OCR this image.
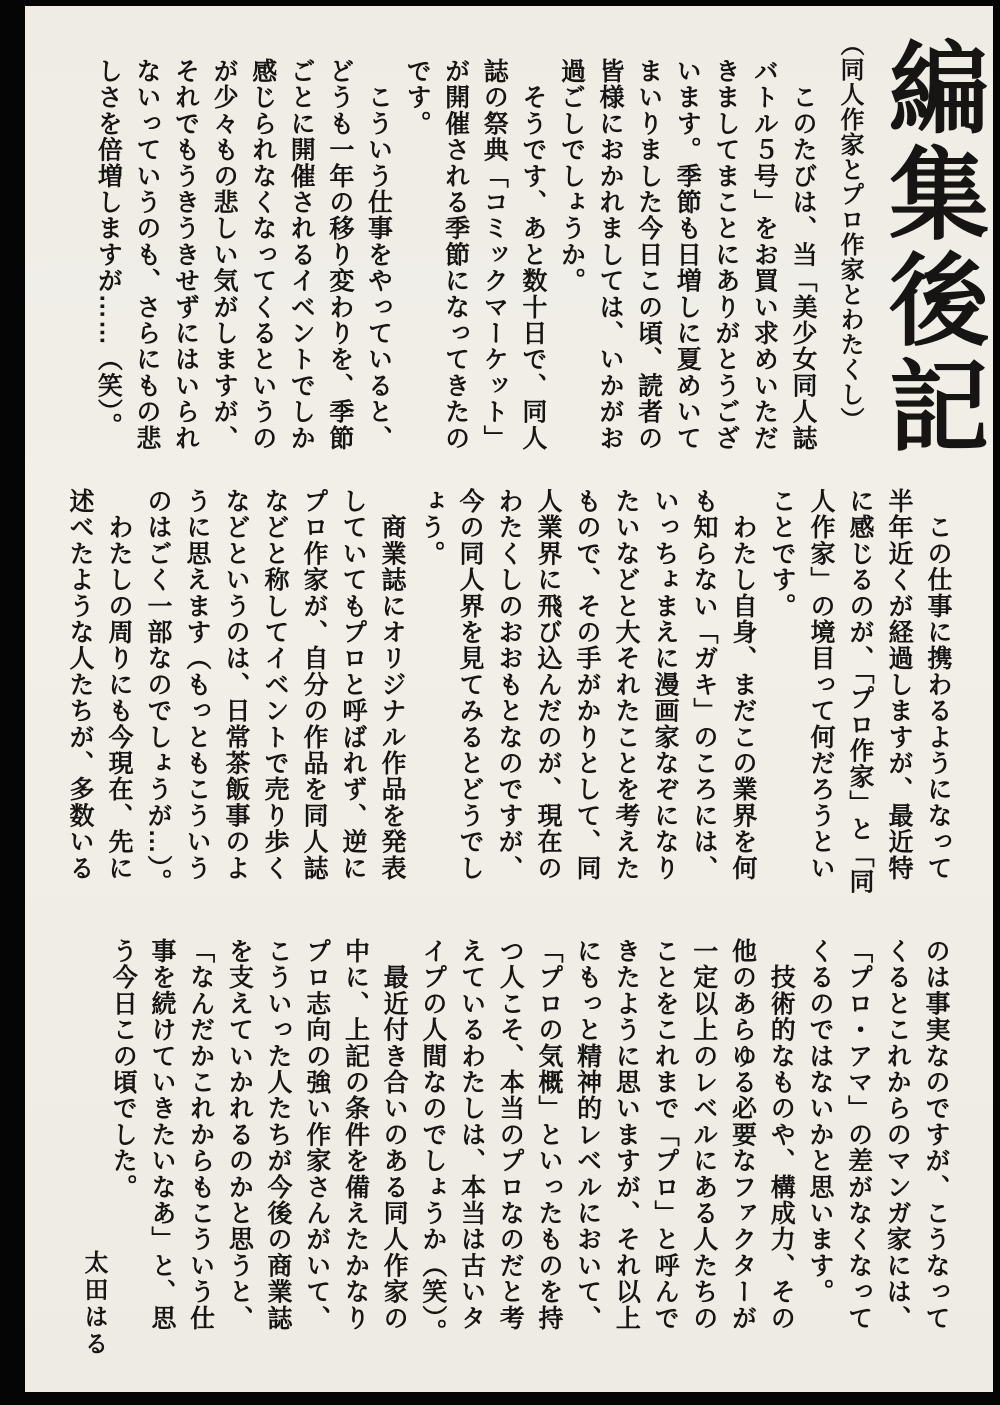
編集後記
（同人作家とプロ作家とわたくし）

　このたびは、当「美少女同人誌

バトル５号」をお買い求めいただ

きましてまことにありがとうござ

います。季節も日増しに夏めいて

まいりました今日この頃、読者の

皆様におかれましては、いかがお

過ごしでしょうか。

　そうです、あと数十日で、同人

誌の祭典「コミックマーケット」

が開催される季節になってきたの

です。

　こういう仕事をやっていると、

どうも一年の移り変わりを、季節

ごとに開催されるイベントでしか

感じられなくなってくるというの

が少々もの悲しい気がしますが、

それでもうきうきせずにはいられ

ないっていうのも、さらにもの悲

しさを倍増しますが……（笑）。

　この仕事に携わるようになって

半年近くが経過しますが、最近特

に感じるのが、「プロ作家」と「同

人作家」の境目って何だろうとい

ことです。

　わたし自身、まだこの業界を何

も知らない「ガキ」のころには、

いっちょまえに漫画家なぞになり

たいなどと大それたことを考えた

もので、その手がかりとして、同

人業界に飛び込んだのが、現在の

わたくしのおおもとなのですが、

今の同人界を見てみるとどうでし

ょう。

　商業誌にオリジナル作品を発表

していてもプロと呼ばれず、逆に

プロ作家が、自分の作品を同人誌

などと称してイベントで売り歩く

などというのは、日常茶飯事のよ

うに思えます（もっともこういう

のはごく一部なのでしょうが…）。

　わたしの周りにも今現在、先に

述べたような人たちが、多数いる

のは事実なのですが、こうなって

くるとこれからのマンガ家には、

「プロ・アマ」の差がなくなって

くるのではないかと思います。

　技術的なものや、構成力、その

他のあらゆる必要なファクターが

一定以上のレベルにある人たちの

ことをこれまで「プロ」と呼んで

きたように思いますが、それ以上

にもっと精神的レベルにおいて、

「プロの気概」といったものを持

つ人こそ、本当のプロなのだと考

えているわたしは、本当は古いタ

イプの人間なのでしょうか（笑）。

　最近付き合いのある同人作家の

中に、上記の条件を備えたかなり

プロ志向の強い作家さんがいて、

こういった人たちが今後の商業誌

を支えていかれるのかと思うと、

「なんだかこれからもこういう仕

事を続けていきたいなあ」と、思

う今日この頃でした。

太田はる
